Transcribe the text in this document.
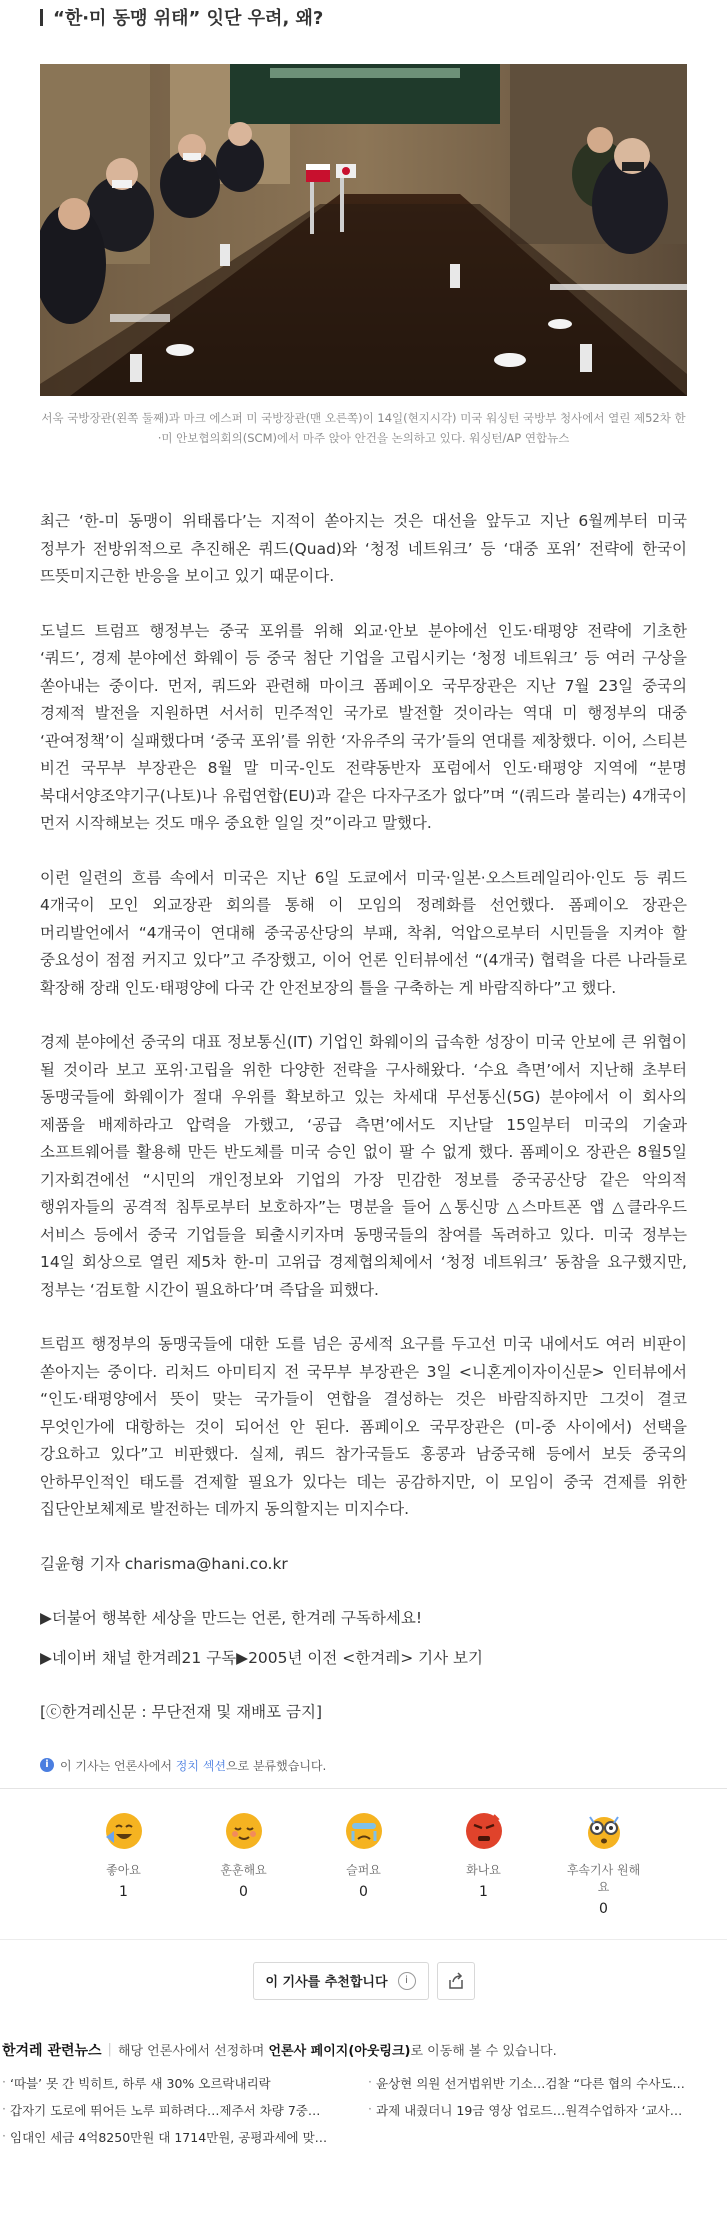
“한·미 동맹 위태” 잇단 우려, 왜?

서욱 국방장관(왼쪽 둘째)과 마크 에스퍼 미 국방장관(맨 오른쪽)이 14일(현지시각) 미국 워싱턴 국방부 청사에서 열린 제52차 한·미 안보협의회의(SCM)에서 마주 앉아 안건을 논의하고 있다. 워싱턴/AP 연합뉴스

최근 ‘한-미 동맹이 위태롭다’는 지적이 쏟아지는 것은 대선을 앞두고 지난 6월께부터 미국 정부가 전방위적으로 추진해온 쿼드(Quad)와 ‘청정 네트워크’ 등 ‘대중 포위’ 전략에 한국이 뜨뜻미지근한 반응을 보이고 있기 때문이다.

도널드 트럼프 행정부는 중국 포위를 위해 외교·안보 분야에선 인도·태평양 전략에 기초한 ‘쿼드’, 경제 분야에선 화웨이 등 중국 첨단 기업을 고립시키는 ‘청정 네트워크’ 등 여러 구상을 쏟아내는 중이다. 먼저, 쿼드와 관련해 마이크 폼페이오 국무장관은 지난 7월 23일 중국의 경제적 발전을 지원하면 서서히 민주적인 국가로 발전할 것이라는 역대 미 행정부의 대중 ‘관여정책’이 실패했다며 ‘중국 포위’를 위한 ‘자유주의 국가’들의 연대를 제창했다. 이어, 스티븐 비건 국무부 부장관은 8월 말 미국-인도 전략동반자 포럼에서 인도·태평양 지역에 “분명 북대서양조약기구(나토)나 유럽연합(EU)과 같은 다자구조가 없다”며 “(쿼드라 불리는) 4개국이 먼저 시작해보는 것도 매우 중요한 일일 것”이라고 말했다.

이런 일련의 흐름 속에서 미국은 지난 6일 도쿄에서 미국·일본·오스트레일리아·인도 등 쿼드 4개국이 모인 외교장관 회의를 통해 이 모임의 정례화를 선언했다. 폼페이오 장관은 머리발언에서 “4개국이 연대해 중국공산당의 부패, 착취, 억압으로부터 시민들을 지켜야 할 중요성이 점점 커지고 있다”고 주장했고, 이어 언론 인터뷰에선 “(4개국) 협력을 다른 나라들로 확장해 장래 인도·태평양에 다국 간 안전보장의 틀을 구축하는 게 바람직하다”고 했다.

경제 분야에선 중국의 대표 정보통신(IT) 기업인 화웨이의 급속한 성장이 미국 안보에 큰 위협이 될 것이라 보고 포위·고립을 위한 다양한 전략을 구사해왔다. ‘수요 측면’에서 지난해 초부터 동맹국들에 화웨이가 절대 우위를 확보하고 있는 차세대 무선통신(5G) 분야에서 이 회사의 제품을 배제하라고 압력을 가했고, ‘공급 측면’에서도 지난달 15일부터 미국의 기술과 소프트웨어를 활용해 만든 반도체를 미국 승인 없이 팔 수 없게 했다. 폼페이오 장관은 8월5일 기자회견에선 “시민의 개인정보와 기업의 가장 민감한 정보를 중국공산당 같은 악의적 행위자들의 공격적 침투로부터 보호하자”는 명분을 들어 △통신망 △스마트폰 앱 △클라우드 서비스 등에서 중국 기업들을 퇴출시키자며 동맹국들의 참여를 독려하고 있다. 미국 정부는 14일 회상으로 열린 제5차 한-미 고위급 경제협의체에서 ‘청정 네트워크’ 동참을 요구했지만, 정부는 ‘검토할 시간이 필요하다’며 즉답을 피했다.

트럼프 행정부의 동맹국들에 대한 도를 넘은 공세적 요구를 두고선 미국 내에서도 여러 비판이 쏟아지는 중이다. 리처드 아미티지 전 국무부 부장관은 3일 <니혼게이자이신문> 인터뷰에서 “인도·태평양에서 뜻이 맞는 국가들이 연합을 결성하는 것은 바람직하지만 그것이 결코 무엇인가에 대항하는 것이 되어선 안 된다. 폼페이오 국무장관은 (미-중 사이에서) 선택을 강요하고 있다”고 비판했다. 실제, 쿼드 참가국들도 홍콩과 남중국해 등에서 보듯 중국의 안하무인적인 태도를 견제할 필요가 있다는 데는 공감하지만, 이 모임이 중국 견제를 위한 집단안보체제로 발전하는 데까지 동의할지는 미지수다.

길윤형 기자 charisma@hani.co.kr

▶더불어 행복한 세상을 만드는 언론, 한겨레 구독하세요!

▶네이버 채널 한겨레21 구독▶2005년 이전 <한겨레> 기사 보기

[ⓒ한겨레신문 : 무단전재 및 재배포 금지]

i 이 기사는 언론사에서 정치 섹션으로 분류했습니다.
좋아요
1
훈훈해요
0
슬퍼요
0
화나요
1
후속기사 원해요
0
이 기사를 추천합니다	i
한겨레 관련뉴스 | 해당 언론사에서 선정하며 언론사 페이지(아웃링크)로 이동해 볼 수 있습니다.
· ‘따블’ 못 간 빅히트, 하루 새 30% 오르락내리락	· 윤상현 의원 선거법위반 기소…검찰 “다른 협의 수사도…
· 갑자기 도로에 뛰어든 노루 피하려다…제주서 차량 7중…	· 과제 내줬더니 19금 영상 업로드…원격수업하자 ‘교사…
· 임대인 세금 4억8250만원 대 1714만원, 공평과세에 맞…
